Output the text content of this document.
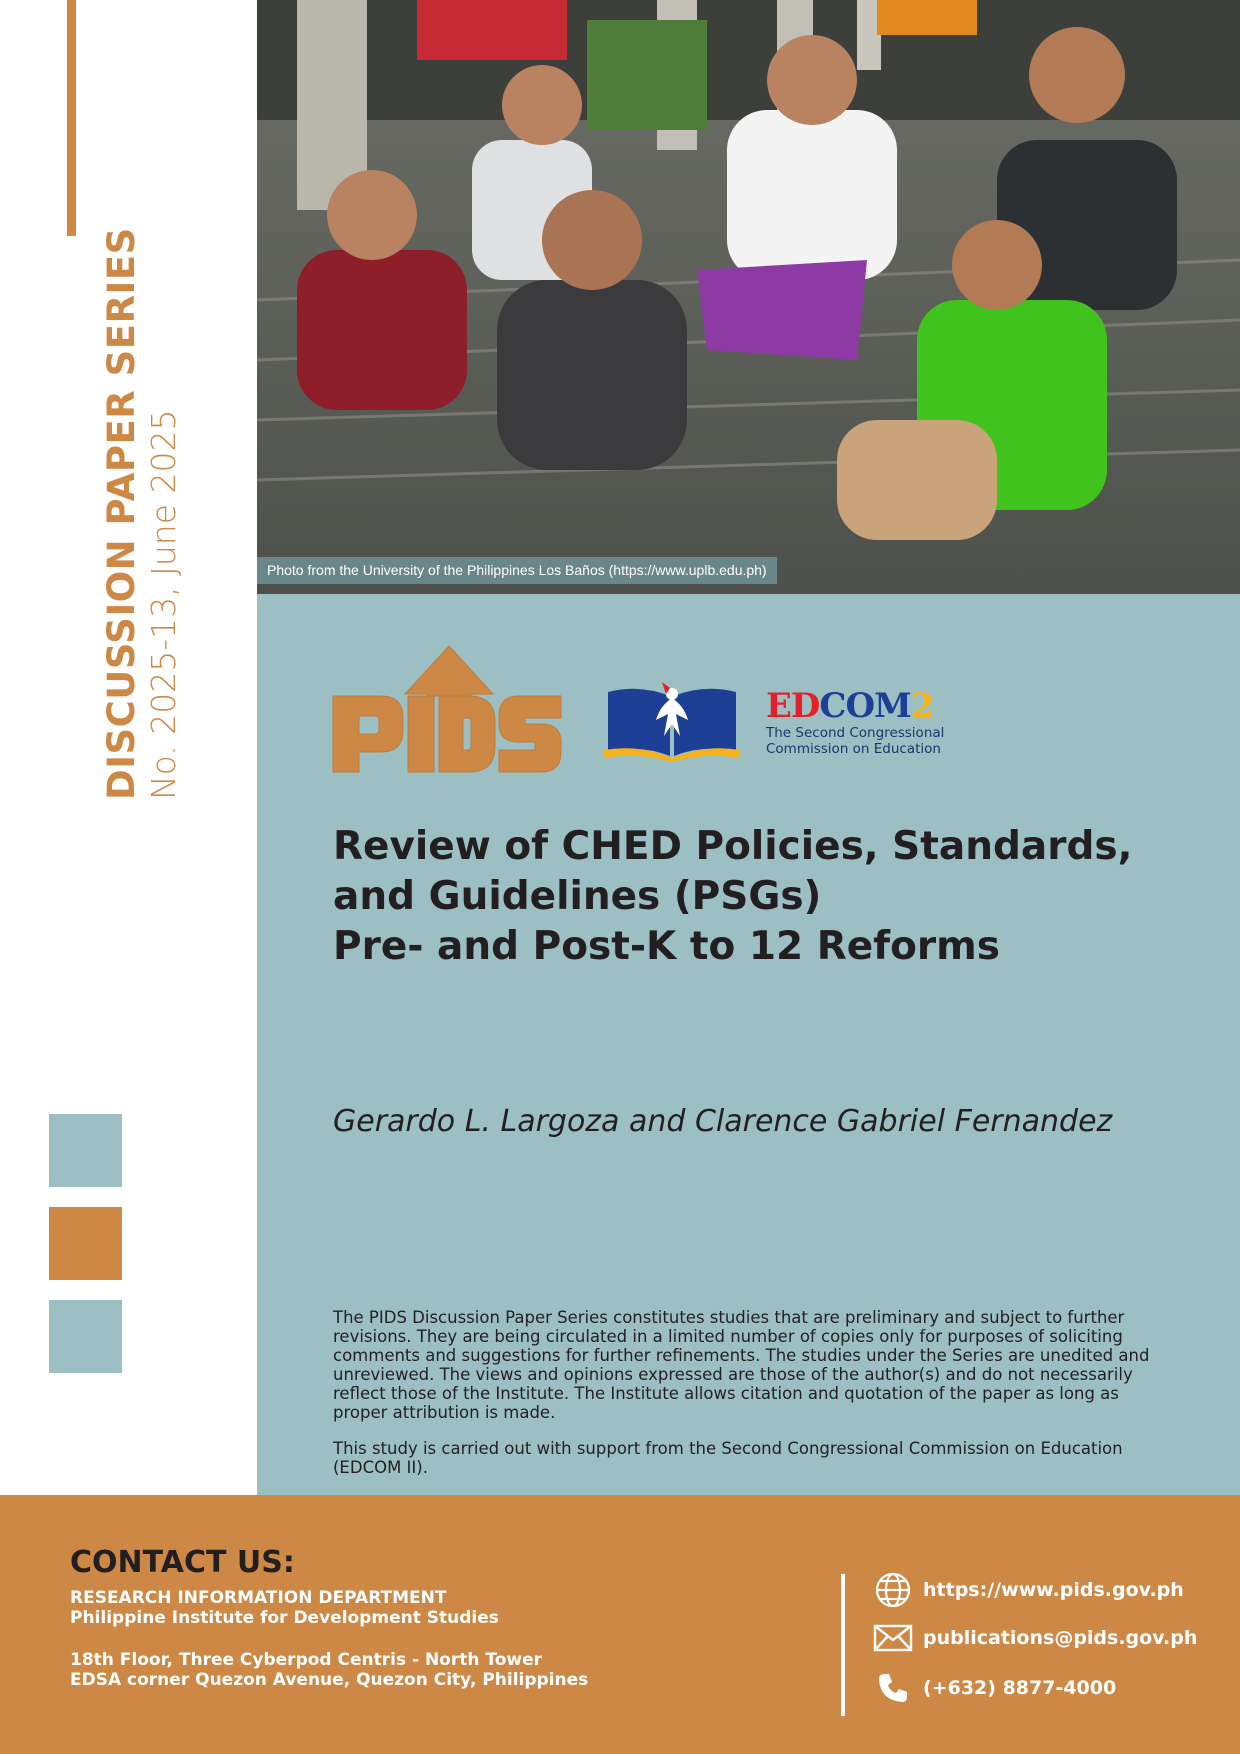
DISCUSSION PAPER SERIES No. 2025-13, June 2025	Photo from the University of the Philippines Los Baños (https://www.uplb.edu.ph)
EDCOM2
The Second Congressional
Commission on Education
Review of CHED Policies, Standards,
and Guidelines (PSGs)
Pre- and Post-K to 12 Reforms
Gerardo L. Largoza and Clarence Gabriel Fernandez

The PIDS Discussion Paper Series constitutes studies that are preliminary and subject to further revisions. They are being circulated in a limited number of copies only for purposes of soliciting comments and suggestions for further refinements. The studies under the Series are unedited and unreviewed. The views and opinions expressed are those of the author(s) and do not necessarily reflect those of the Institute. The Institute allows citation and quotation of the paper as long as proper attribution is made.

This study is carried out with support from the Second Congressional Commission on Education (EDCOM II).

CONTACT US:
RESEARCH INFORMATION DEPARTMENT
Philippine Institute for Development Studies
18th Floor, Three Cyberpod Centris - North Tower
EDSA corner Quezon Avenue, Quezon City, Philippines
https://www.pids.gov.ph
publications@pids.gov.ph
(+632) 8877-4000
